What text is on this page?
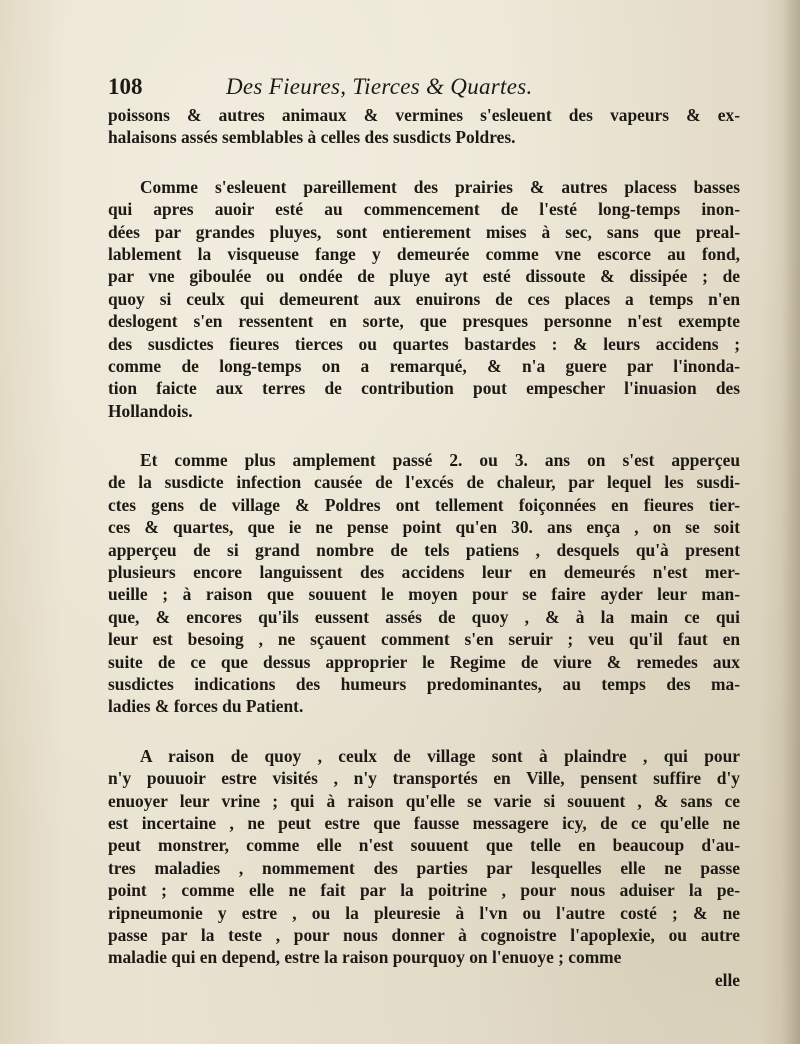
108	Des Fieures, Tierces & Quartes.
poissons & autres animaux & vermines s'esleuent des vapeurs & ex-
halaisons assés semblables à celles des susdicts Poldres.
Comme s'esleuent pareillement des prairies & autres placess basses
qui apres auoir esté au commencement de l'esté long-temps inon-
dées par grandes pluyes, sont entierement mises à sec, sans que preal-
lablement la visqueuse fange y demeurée comme vne escorce au fond,
par vne giboulée ou ondée de pluye ayt esté dissoute & dissipée ; de
quoy si ceulx qui demeurent aux enuirons de ces places a temps n'en
deslogent s'en ressentent en sorte, que presques personne n'est exempte
des susdictes fieures tierces ou quartes bastardes : & leurs accidens ;
comme de long-temps on a remarqué, & n'a guere par l'inonda-
tion faicte aux terres de contribution pout empescher l'inuasion des
Hollandois.
Et comme plus amplement passé 2. ou 3. ans on s'est apperçeu
de la susdicte infection causée de l'excés de chaleur, par lequel les susdi-
ctes gens de village & Poldres ont tellement foiçonnées en fieures tier-
ces & quartes, que ie ne pense point qu'en 30. ans ença , on se soit
apperçeu de si grand nombre de tels patiens , desquels qu'à present
plusieurs encore languissent des accidens leur en demeurés n'est mer-
ueille ; à raison que souuent le moyen pour se faire ayder leur man-
que, & encores qu'ils eussent assés de quoy , & à la main ce qui
leur est besoing , ne sçauent comment s'en seruir ; veu qu'il faut en
suite de ce que dessus approprier le Regime de viure & remedes aux
susdictes indications des humeurs predominantes, au temps des ma-
ladies & forces du Patient.
A raison de quoy , ceulx de village sont à plaindre , qui pour
n'y pouuoir estre visités , n'y transportés en Ville, pensent suffire d'y
enuoyer leur vrine ; qui à raison qu'elle se varie si souuent , & sans ce
est incertaine , ne peut estre que fausse messagere icy, de ce qu'elle ne
peut monstrer, comme elle n'est souuent que telle en beaucoup d'au-
tres maladies , nommement des parties par lesquelles elle ne passe
point ; comme elle ne fait par la poitrine , pour nous aduiser la pe-
ripneumonie y estre , ou la pleuresie à l'vn ou l'autre costé ; & ne
passe par la teste , pour nous donner à cognoistre l'apoplexie, ou autre
maladie qui en depend, estre la raison pourquoy on l'enuoye ; comme
elle
